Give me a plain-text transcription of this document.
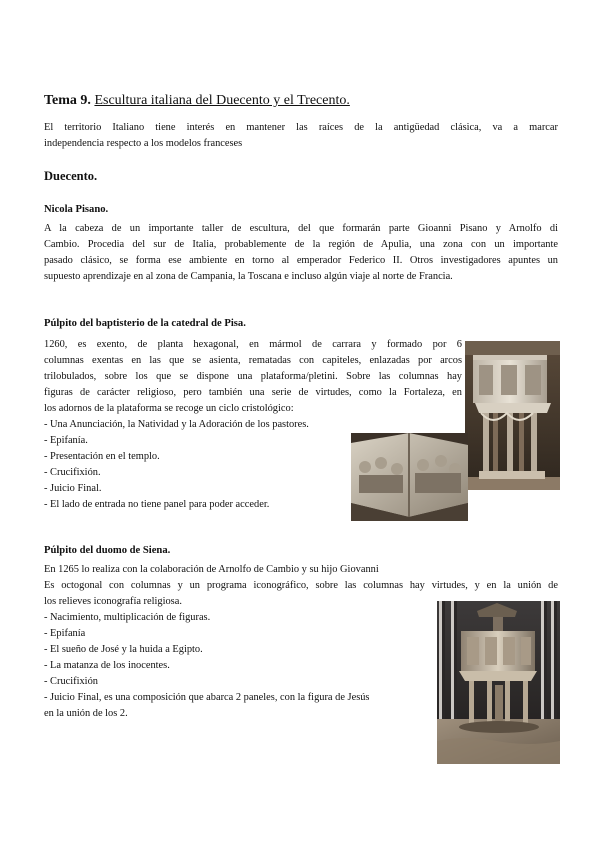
Tema 9. Escultura italiana del Duecento y el Trecento.
El territorio Italiano tiene interés en mantener las raíces de la antigüedad clásica, va a marcar
independencia respecto a los modelos franceses
Duecento.
Nicola Pisano.
A la cabeza de un importante taller de escultura, del que formarán parte Gioanni Pisano y Arnolfo di
Cambio. Procedia del sur de Italia, probablemente de la región de Apulia, una zona con un importante
pasado clásico, se forma ese ambiente en torno al emperador Federico II. Otros investigadores apuntes un
supuesto aprendizaje en al zona de Campania, la Toscana e incluso algún viaje al norte de Francia.
Púlpito del baptisterio de la catedral de Pisa.
1260, es exento, de planta hexagonal, en mármol de carrara y formado por 6
columnas exentas en las que se asienta, rematadas con capiteles, enlazadas por arcos
trilobulados, sobre los que se dispone una plataforma/pletini. Sobre las columnas hay
figuras de carácter religioso, pero también una serie de virtudes, como la Fortaleza, en
los adornos de la plataforma se recoge un ciclo cristológico:
- Una Anunciación, la Natividad y la Adoración de los pastores.
- Epifanía.
- Presentación en el templo.
- Crucifixión.
- Juicio Final.
- El lado de entrada no tiene panel para poder acceder.
Púlpito del duomo de Siena.
En 1265 lo realiza con la colaboración de Arnolfo de Cambio y su hijo Giovanni
Es octogonal con columnas y un programa iconográfico, sobre las columnas hay virtudes, y en la unión de
los relieves iconografía religiosa.
- Nacimiento, multiplicación de figuras.
- Epifanía
- El sueño de José y la huida a Egipto.
- La matanza de los inocentes.
- Crucifixión
- Juicio Final, es una composición que abarca 2 paneles, con la figura de Jesús
en la unión de los 2.
